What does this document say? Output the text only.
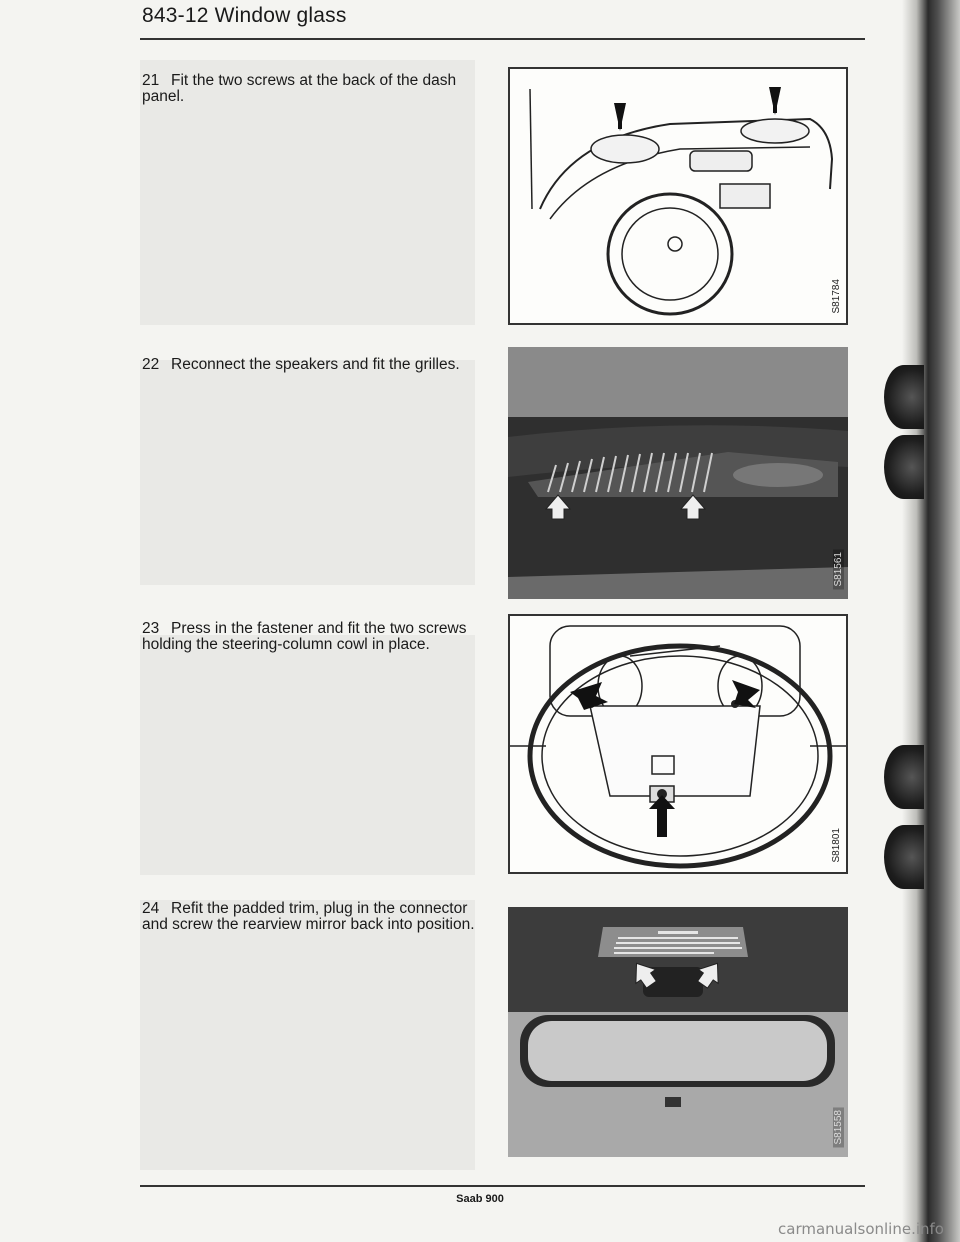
843-12 Window glass
21 Fit the two screws at the back of the dash panel.
S81784
22 Reconnect the speakers and fit the grilles.
S81561
23 Press in the fastener and fit the two screws holding the steering-column cowl in place.
S81801
24 Refit the padded trim, plug in the connector and screw the rearview mirror back into position.
S81558
Saab 900
carmanualsonline.info
